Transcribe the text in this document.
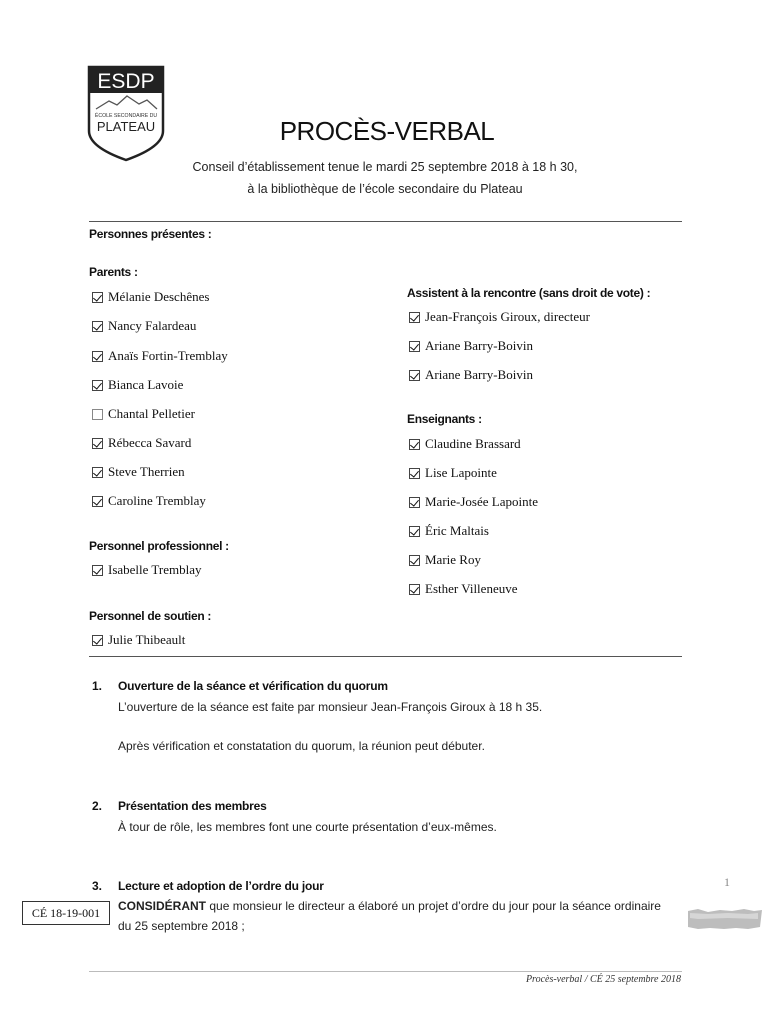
ESDP
ÉCOLE SECONDAIRE DU
PLATEAU	PROCÈS-VERBAL
Conseil d’établissement tenue le mardi 25 septembre 2018 à 18 h 30,
à la bibliothèque de l’école secondaire du Plateau
Personnes présentes :
Parents :
Mélanie Deschênes
Nancy Falardeau
Anaïs Fortin-Tremblay
Bianca Lavoie
Chantal Pelletier
Rébecca Savard
Steve Therrien
Caroline Tremblay
Personnel professionnel :
Isabelle Tremblay
Personnel de soutien :
Julie Thibeault
Assistent à la rencontre (sans droit de vote) :
Jean-François Giroux, directeur
Ariane Barry-Boivin
Ariane Barry-Boivin
Enseignants :
Claudine Brassard
Lise Lapointe
Marie-Josée Lapointe
Éric Maltais
Marie Roy
Esther Villeneuve
1. Ouverture de la séance et vérification du quorum
L’ouverture de la séance est faite par monsieur Jean-François Giroux à 18 h 35.
Après vérification et constatation du quorum, la réunion peut débuter.
2. Présentation des membres
À tour de rôle, les membres font une courte présentation d’eux-mêmes.
3. Lecture et adoption de l’ordre du jour
CONSIDÉRANT que monsieur le directeur a élaboré un projet d’ordre du jour pour la séance ordinaire
du 25 septembre 2018 ;
1
CÉ 18-19-001
Procès-verbal / CÉ 25 septembre 2018
